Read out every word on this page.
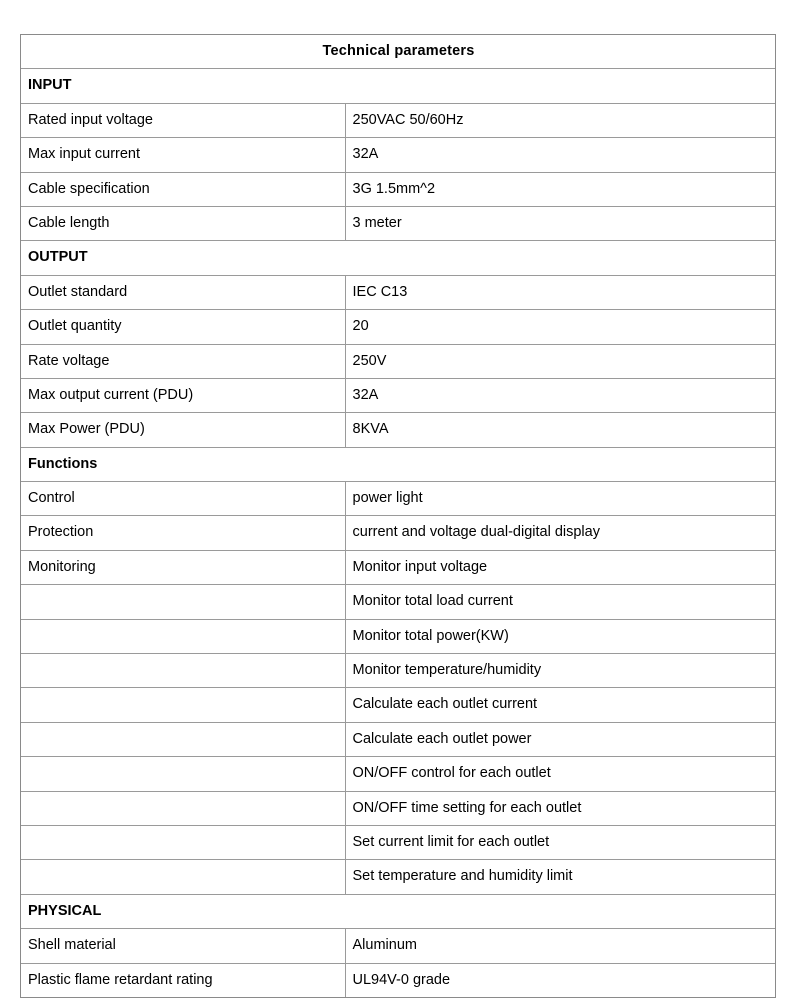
Technical parameters	
INPUT	
Rated input voltage	250VAC 50/60Hz
Max input current	32A
Cable specification	3G 1.5mm^2
Cable length	3 meter
OUTPUT	
Outlet standard	IEC C13
Outlet quantity	20
Rate voltage	250V
Max output current (PDU)	32A
Max Power (PDU)	8KVA
Functions	
Control	power light
Protection	current and voltage dual-digital display
Monitoring	Monitor input voltage
	Monitor total load current
	Monitor total power(KW)
	Monitor temperature/humidity
	Calculate each outlet current
	Calculate each outlet power
	ON/OFF control for each outlet
	ON/OFF time setting for each outlet
	Set current limit for each outlet
	Set temperature and humidity limit
PHYSICAL	
Shell material	Aluminum
Plastic flame retardant rating	UL94V-0 grade
